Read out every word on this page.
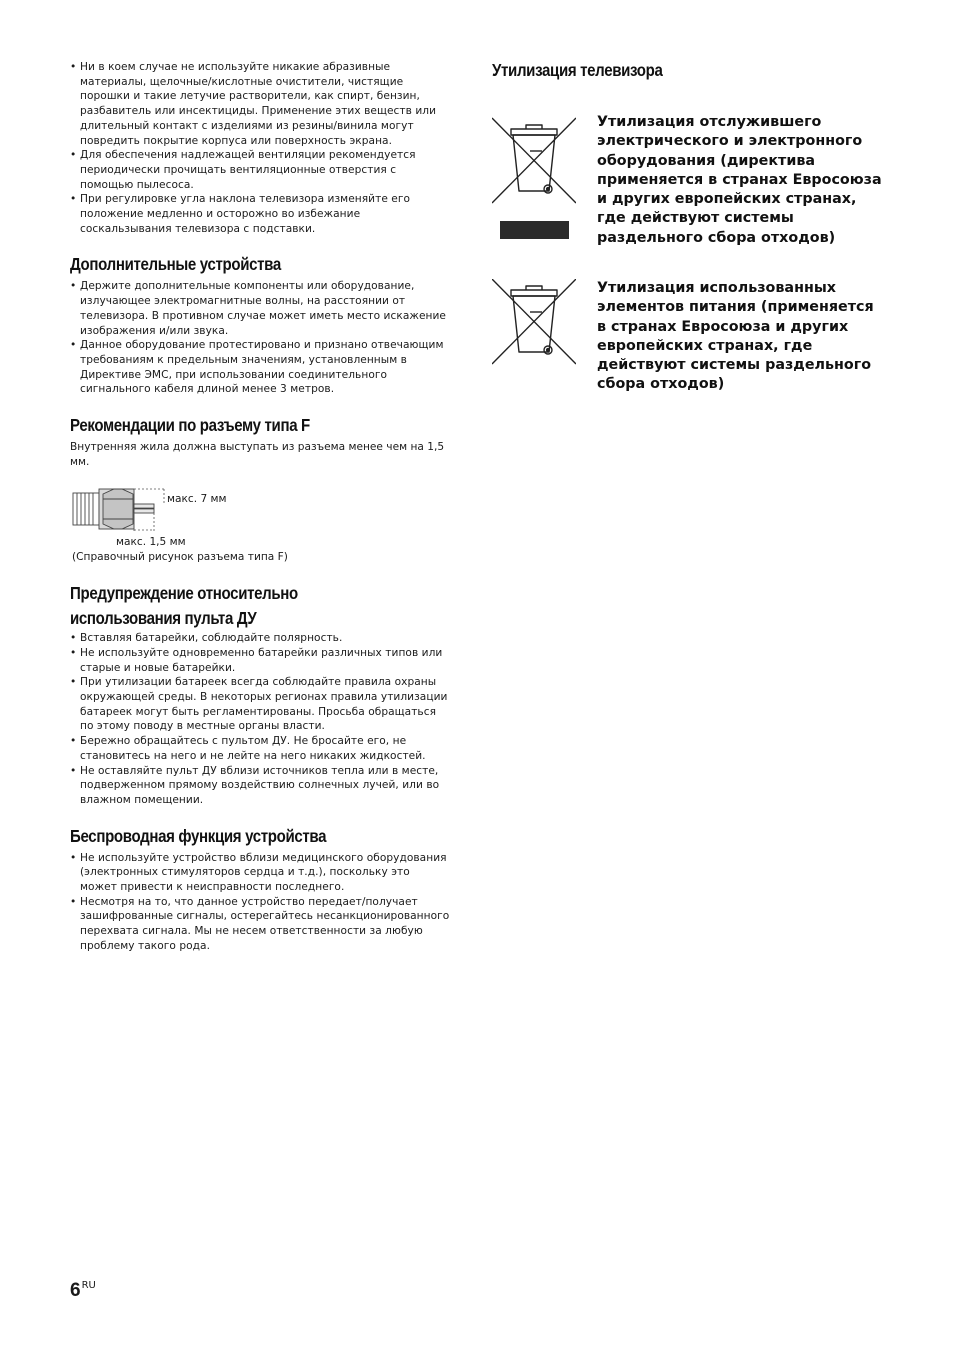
• Ни в коем случае не используйте никакие абразивные материалы, щелочные/кислотные очистители, чистящие порошки и такие летучие растворители, как спирт, бензин, разбавитель или инсектициды. Применение этих веществ или длительный контакт с изделиями из резины/винила могут повредить покрытие корпуса или поверхность экрана.
• Для обеспечения надлежащей вентиляции рекомендуется периодически прочищать вентиляционные отверстия с помощью пылесоса.
• При регулировке угла наклона телевизора изменяйте его положение медленно и осторожно во избежание соскальзывания телевизора с подставки.
Дополнительные устройства
• Держите дополнительные компоненты или оборудование, излучающее электромагнитные волны, на расстоянии от телевизора. В противном случае может иметь место искажение изображения и/или звука.
• Данное оборудование протестировано и признано отвечающим требованиям к предельным значениям, установленным в Директиве ЭМС, при использовании соединительного сигнального кабеля длиной менее 3 метров.
Рекомендации по разъему типа F

Внутренняя жила должна выступать из разъема менее чем на 1,5 мм.

макс. 7 мм
макс. 1,5 мм

(Справочный рисунок разъема типа F)

Предупреждение относительно
использования пульта ДУ
• Вставляя батарейки, соблюдайте полярность.
• Не используйте одновременно батарейки различных типов или старые и новые батарейки.
• При утилизации батареек всегда соблюдайте правила охраны окружающей среды. В некоторых регионах правила утилизации батареек могут быть регламентированы. Просьба обращаться по этому поводу в местные органы власти.
• Бережно обращайтесь с пультом ДУ. Не бросайте его, не становитесь на него и не лейте на него никаких жидкостей.
• Не оставляйте пульт ДУ вблизи источников тепла или в месте, подверженном прямому воздействию солнечных лучей, или во влажном помещении.
Беспроводная функция устройства
• Не используйте устройство вблизи медицинского оборудования (электронных стимуляторов сердца и т.д.), поскольку это может привести к неисправности последнего.
• Несмотря на то, что данное устройство передает/получает зашифрованные сигналы, остерегайтесь несанкционированного перехвата сигнала. Мы не несем ответственности за любую проблему такого рода.
Утилизация телевизора
Утилизация отслужившего электрического и электронного оборудования (директива применяется в странах Евросоюза и других европейских странах, где действуют системы раздельного сбора отходов)
Утилизация использованных элементов питания (применяется в странах Евросоюза и других европейских странах, где действуют системы раздельного сбора отходов)
$6^{RU}$
